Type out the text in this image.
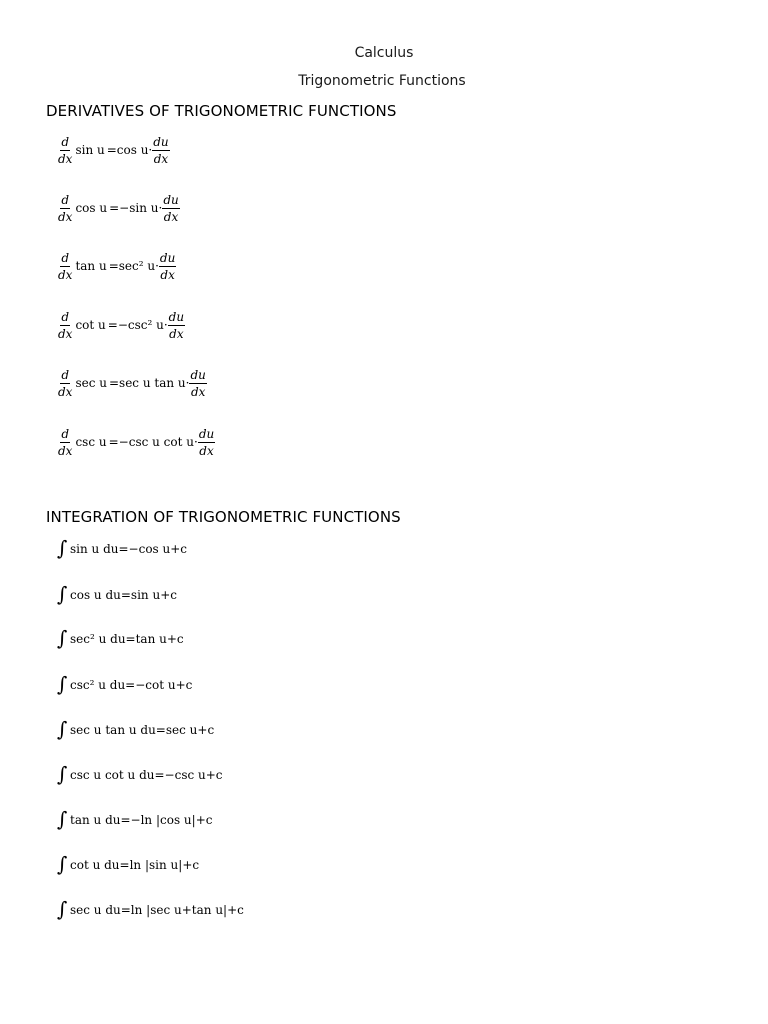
Calculus
Trigonometric Functions
DERIVATIVES OF TRIGONOMETRIC FUNCTIONS
$\frac{d}{dx}$ sin u =cos $u\cdot \frac{du}{dx}$
$\frac{d}{dx}$ cos u =−sin $u\cdot \frac{du}{dx}$
$\frac{d}{dx}$ tan u =sec² $u\cdot \frac{du}{dx}$
$\frac{d}{dx}$ cot u =−csc² $u\cdot \frac{du}{dx}$
$\frac{d}{dx}$ sec u =sec u $\tan u\cdot \frac{du}{dx}$
$\frac{d}{dx}$ csc u =−csc u $\cot u\cdot \frac{du}{dx}$
INTEGRATION OF TRIGONOMETRIC FUNCTIONS
∫ sin u du=−cos u+c
∫ cos u du=sin u+c
∫ sec² u du=tan u+c
∫ csc² u du=−cot u+c
∫ sec u tan u du=sec u+c
∫ csc u cot u du=−csc u+c
∫ tan u du=−ln |cos u|+c
∫ cot u du=ln |sin u|+c
∫ sec u du=ln |sec u+tan u|+c
